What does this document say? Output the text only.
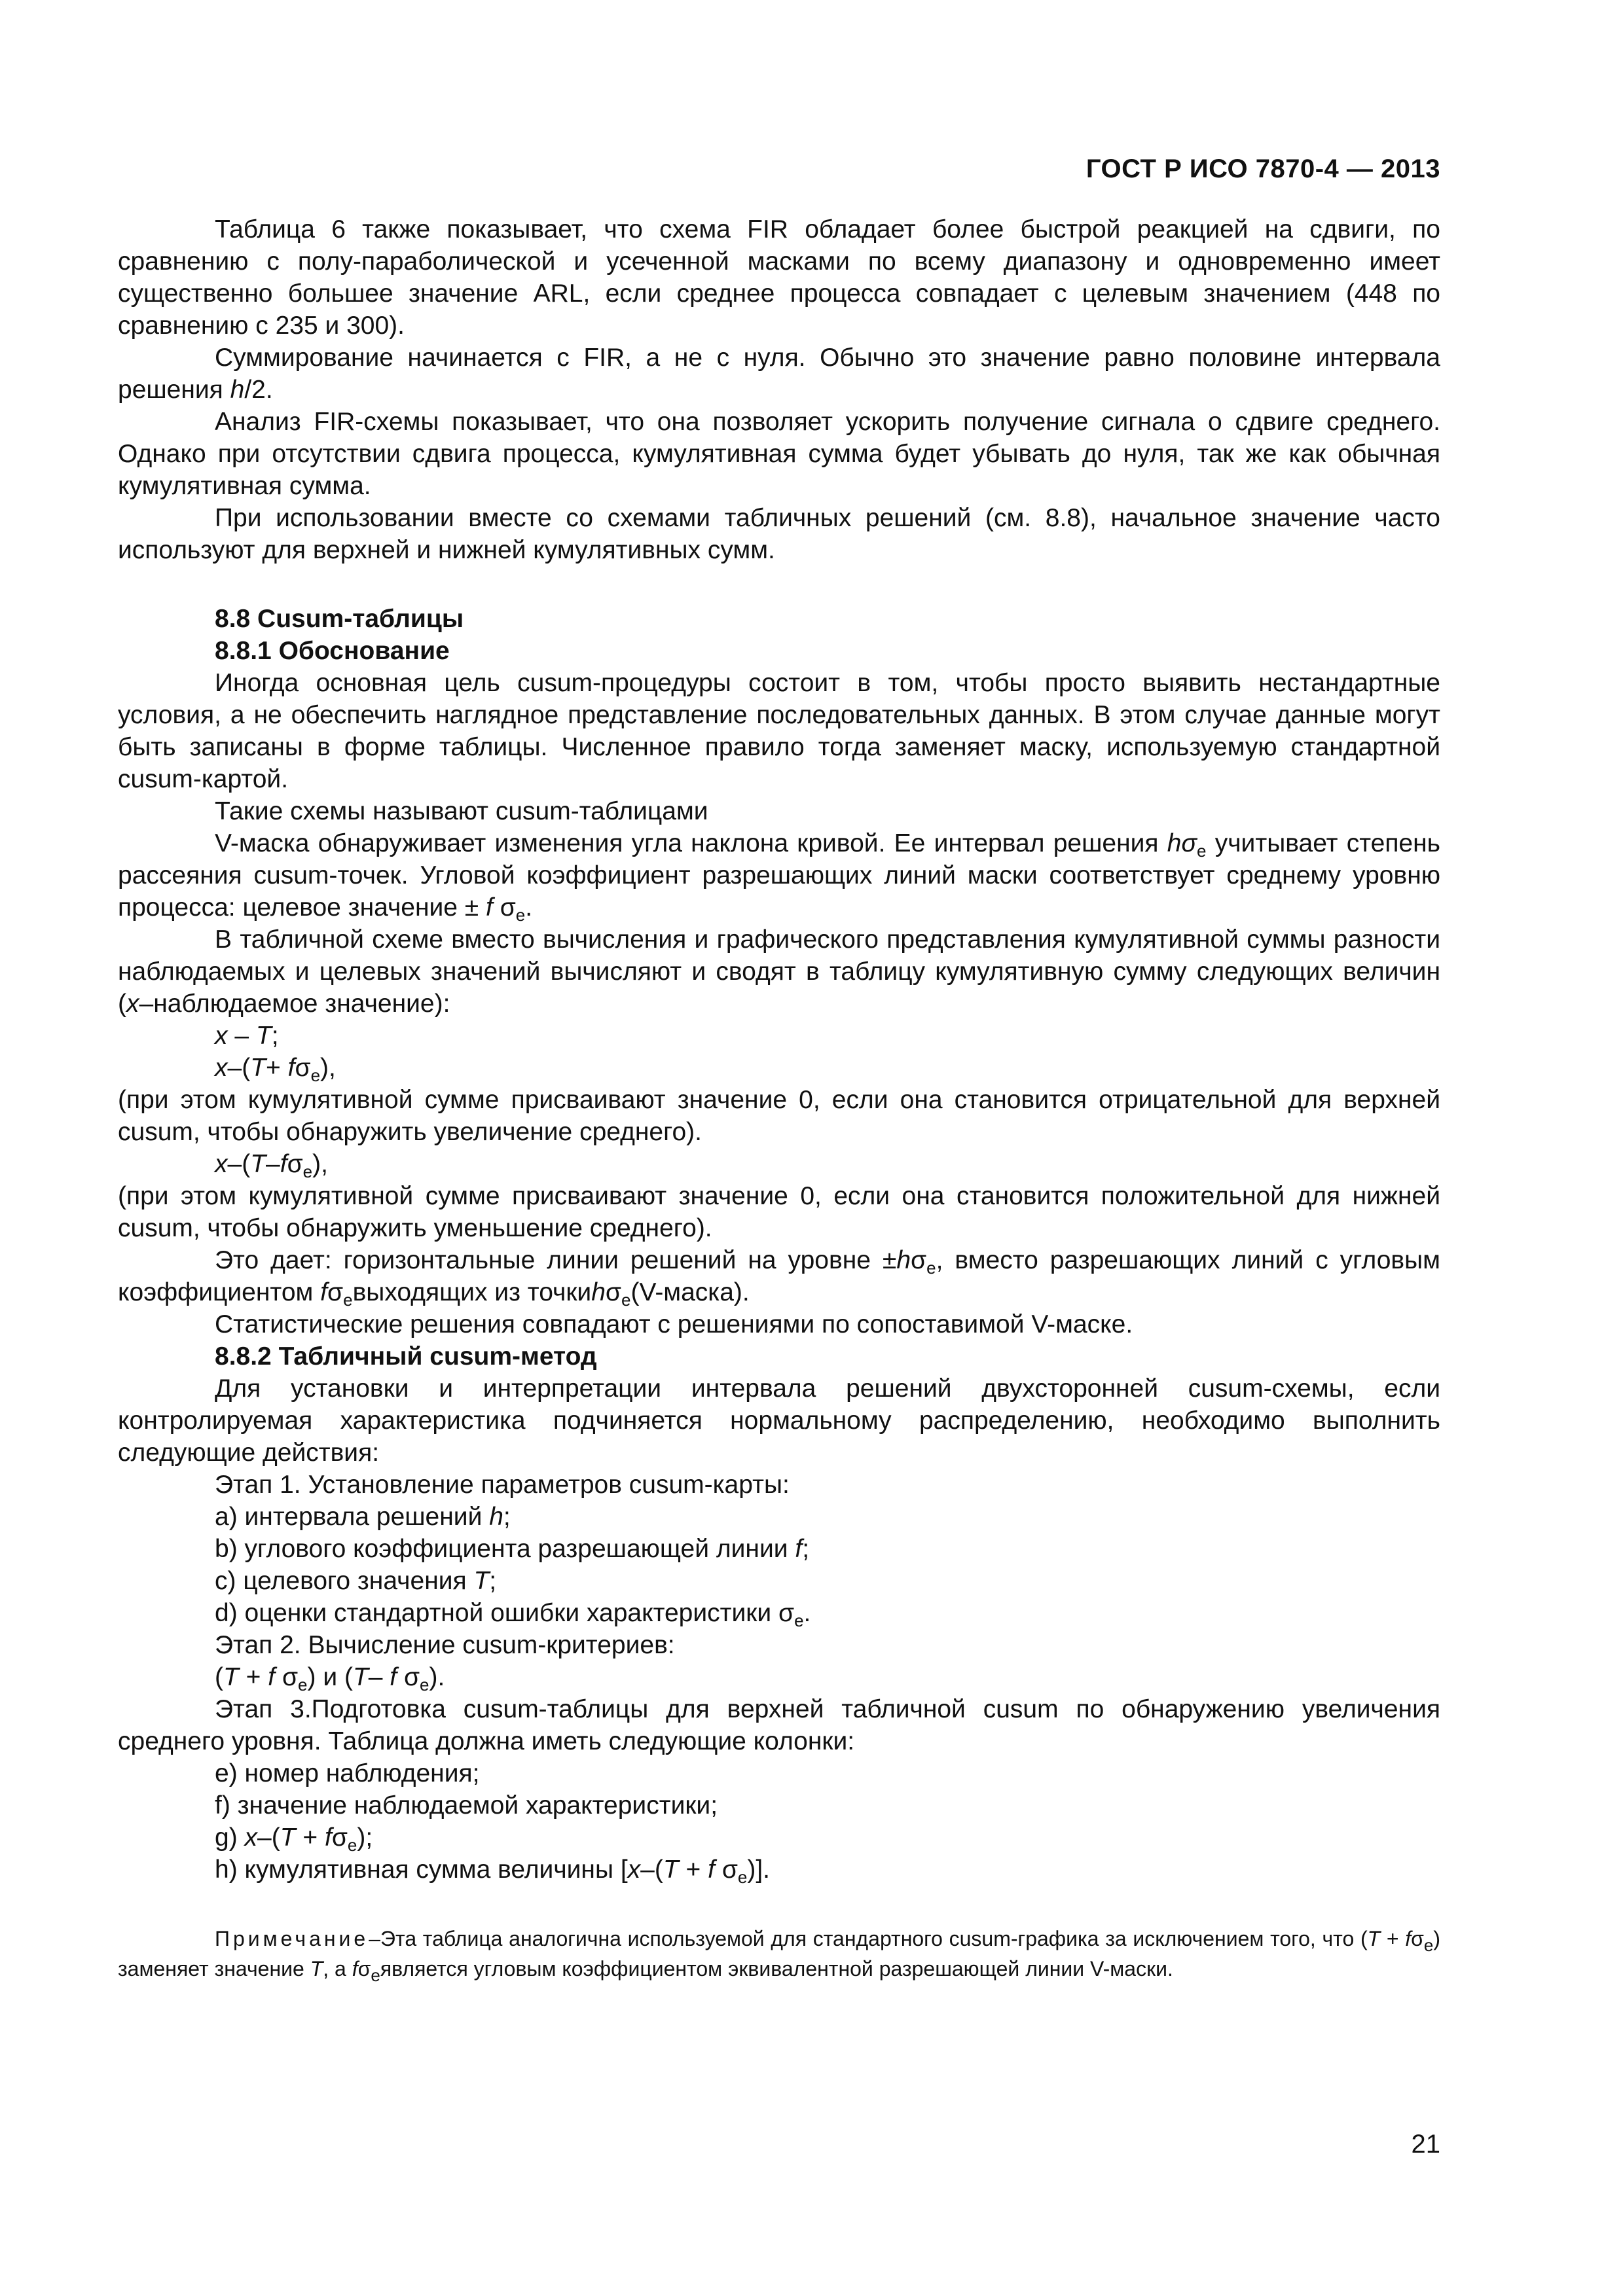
ГОСТ Р ИСО 7870-4 — 2013

Таблица 6 также показывает, что схема FIR обладает более быстрой реакцией на сдвиги, по сравнению с полу-параболической и усеченной масками по всему диапазону и одновременно имеет существенно большее значение ARL, если среднее процесса совпадает с целевым значением (448 по сравнению с 235 и 300).

Суммирование начинается с FIR, а не с нуля. Обычно это значение равно половине интервала решения h/2.

Анализ FIR-схемы показывает, что она позволяет ускорить получение сигнала о сдвиге среднего. Однако при отсутствии сдвига процесса, кумулятивная сумма будет убывать до нуля, так же как обычная кумулятивная сумма.

При использовании вместе со схемами табличных решений (см. 8.8), начальное значение часто используют для верхней и нижней кумулятивных сумм.

8.8 Cusum-таблицы

8.8.1 Обоснование

Иногда основная цель cusum-процедуры состоит в том, чтобы просто выявить нестандартные условия, а не обеспечить наглядное представление последовательных данных. В этом случае данные могут быть записаны в форме таблицы. Численное правило тогда заменяет маску, используемую стандартной cusum-картой.

Такие схемы называют cusum-таблицами

V-маска обнаруживает изменения угла наклона кривой. Ее интервал решения $h\sigma_e$ учитывает степень рассеяния cusum-точек. Угловой коэффициент разрешающих линий маски соответствует среднему уровню процесса: целевое значение ± f $\sigma_e$.

В табличной схеме вместо вычисления и графического представления кумулятивной суммы разности наблюдаемых и целевых значений вычисляют и сводят в таблицу кумулятивную сумму следующих величин (x–наблюдаемое значение):

x – T;

$x-(T+ f\sigma_e)$,

(при этом кумулятивной сумме присваивают значение 0, если она становится отрицательной для верхней cusum, чтобы обнаружить увеличение среднего).

$x-(T-f\sigma_e)$,

(при этом кумулятивной сумме присваивают значение 0, если она становится положительной для нижней cusum, чтобы обнаружить уменьшение среднего).

Это дает: горизонтальные линии решений на уровне $\pm h\sigma_e$, вместо разрешающих линий с угловым коэффициентом $f\sigma_eвыходящих$ из точкиhσ$_e$(V-маска).

Статистические решения совпадают с решениями по сопоставимой V-маске.

8.8.2 Табличный cusum-метод

Для установки и интерпретации интервала решений двухсторонней cusum-схемы, если контролируемая характеристика подчиняется нормальному распределению, необходимо выполнить следующие действия:

Этап 1. Установление параметров cusum-карты:

a) интервала решений h;

b) углового коэффициента разрешающей линии f;

c) целевого значения T;

d) оценки стандартной ошибки характеристики $\sigma_e$.

Этап 2. Вычисление cusum-критериев:

(T + f $\sigma_e$) и (T– f $\sigma_e$).

Этап 3.Подготовка cusum-таблицы для верхней табличной cusum по обнаружению увеличения среднего уровня. Таблица должна иметь следующие колонки:

e) номер наблюдения;

f) значение наблюдаемой характеристики;

g) $x-(T + f\sigma_e)$;

h) кумулятивная сумма величины [x–(T + f $\sigma_e$)].

Примечание–Эта таблица аналогична используемой для стандартного cusum-графика за исключением того, что $(T + f\sigma_e)$ заменяет значение T, а $f\sigma_eявляется$ угловым коэффициентом эквивалентной разрешающей линии V-маски.

21
